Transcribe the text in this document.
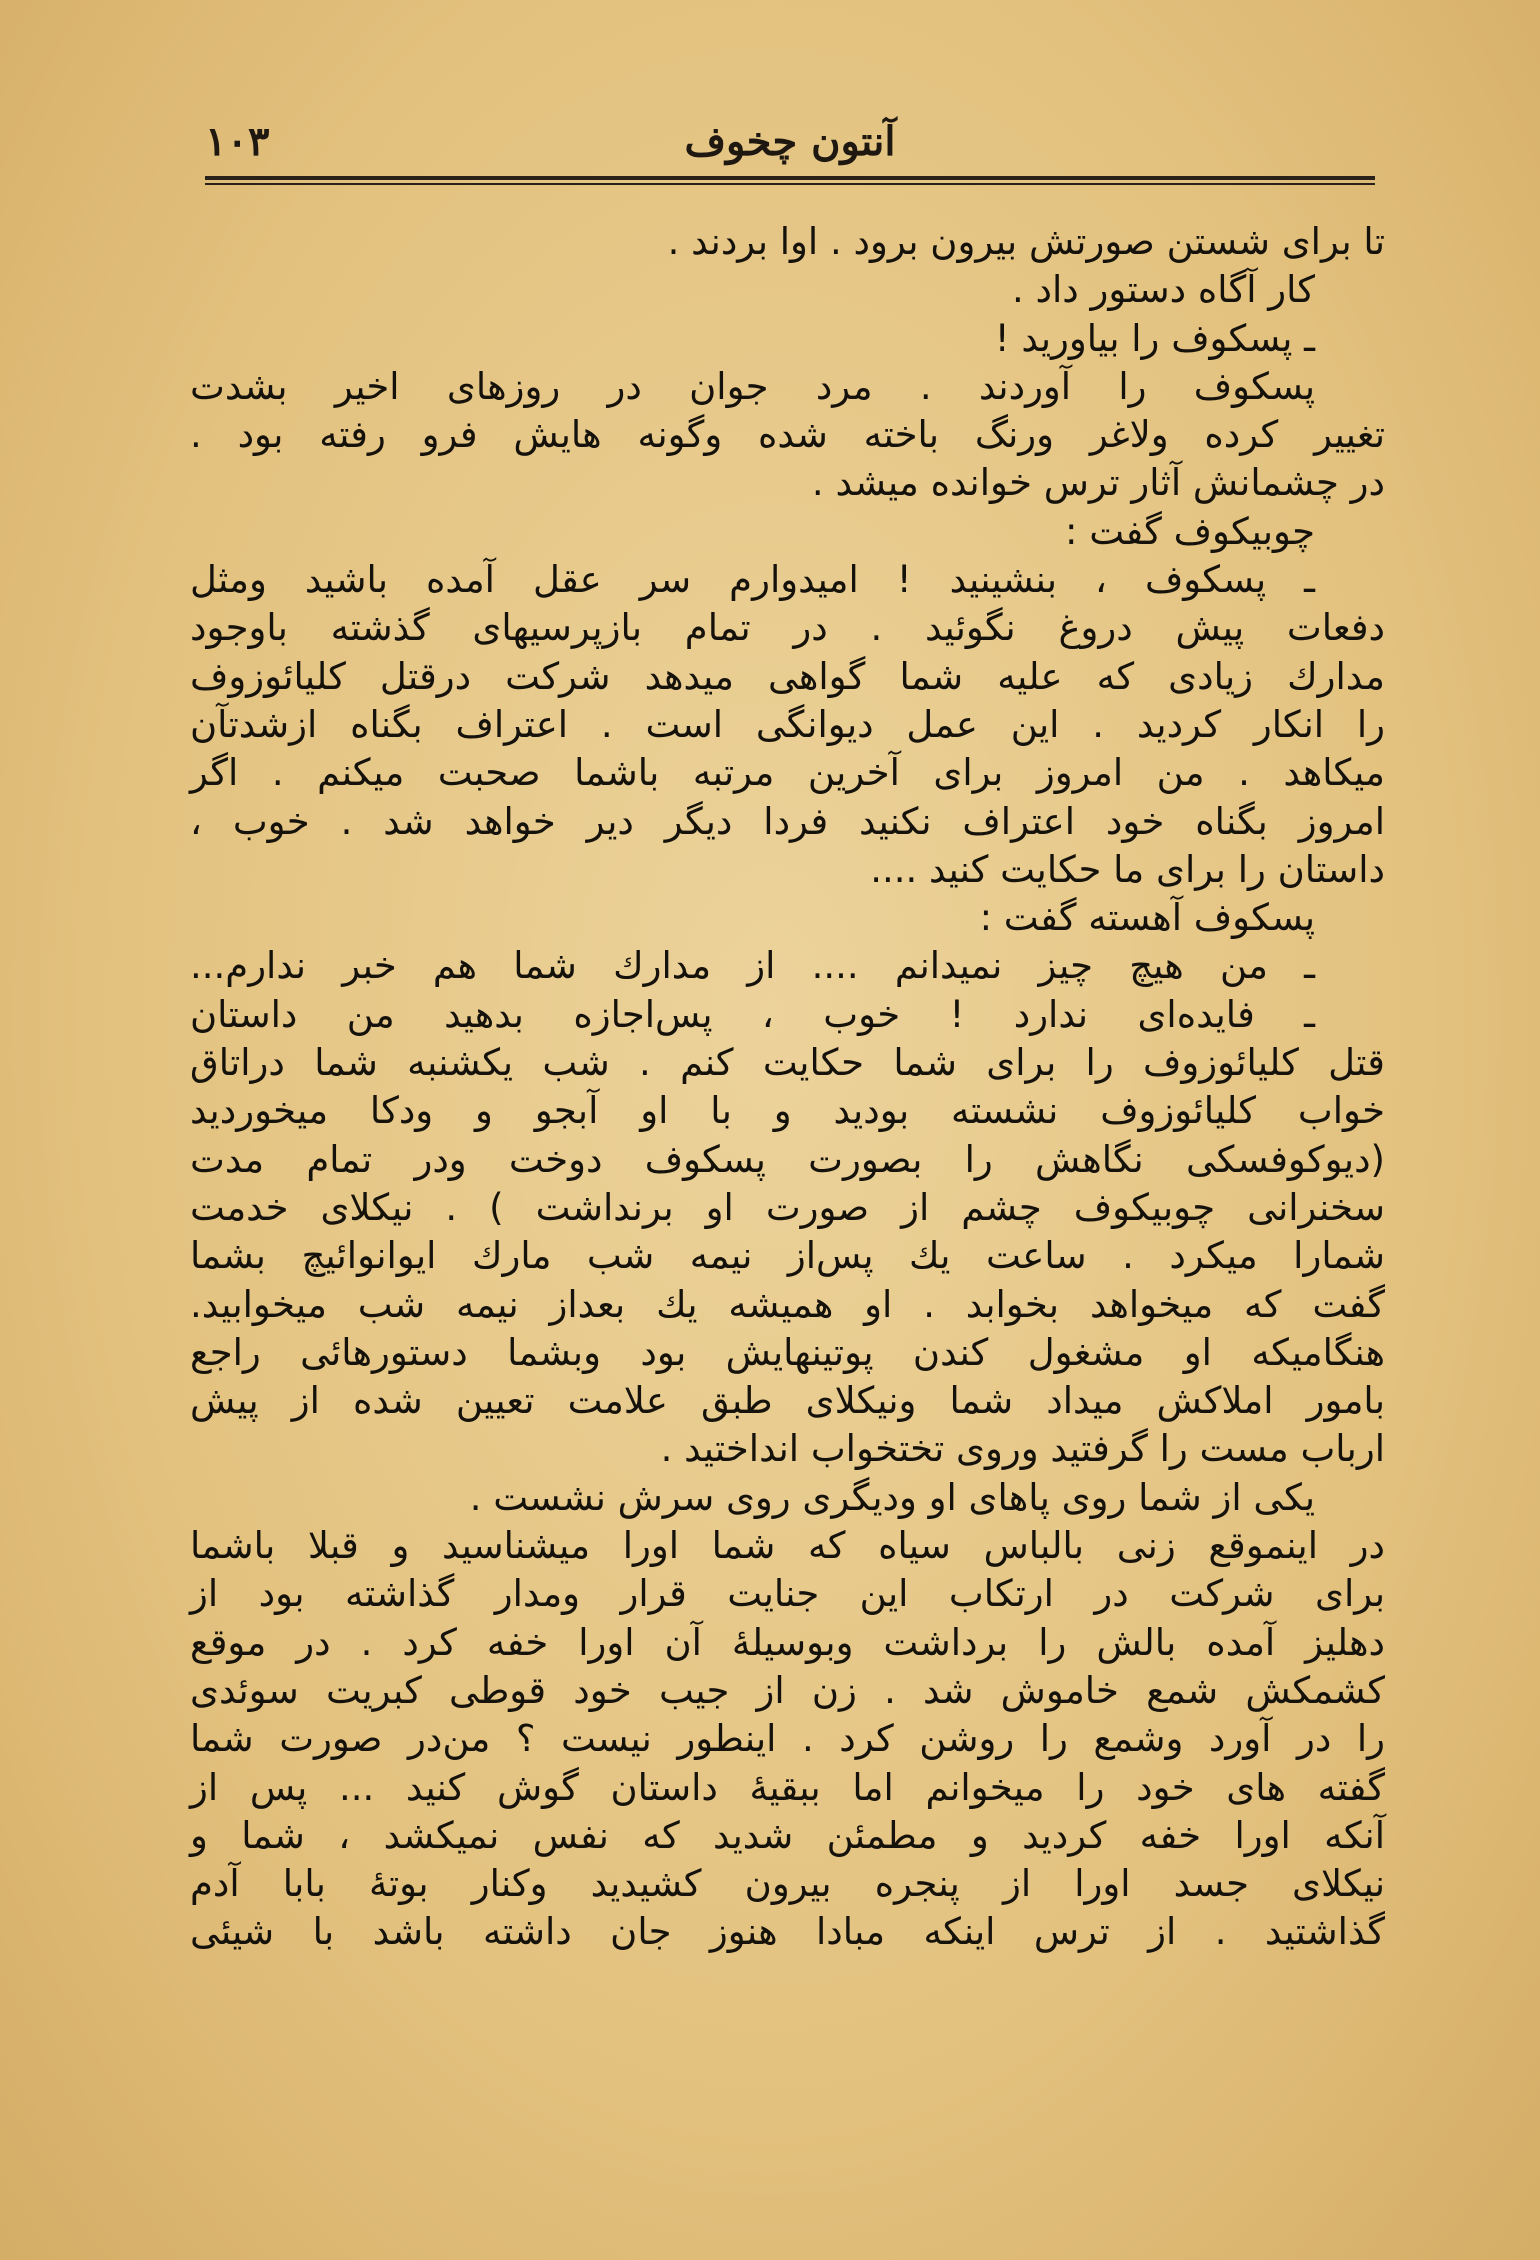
۱۰۳	آنتون چخوف
تا برای شستن صورتش بیرون برود . اوا بردند .
کار آگاه دستور داد .
ـ پسکوف را بیاورید !
پسکوف را آوردند . مرد جوان در روزهای اخیر بشدت
تغییر کرده ولاغر ورنگ باخته شده وگونه هایش فرو رفته بود .
در چشمانش آثار ترس خوانده میشد .
چوبیکوف گفت :
ـ پسکوف ، بنشینید ! امیدوارم سر عقل آمده باشید ومثل
دفعات پیش دروغ نگوئید . در تمام بازپرسیهای گذشته باوجود
مدارك زیادی که علیه شما گواهی میدهد شرکت درقتل کلیائوزوف
را انکار کردید . این عمل دیوانگی است . اعتراف بگناه ازشدتآن
میکاهد . من امروز برای آخرین مرتبه باشما صحبت میکنم . اگر
امروز بگناه خود اعتراف نکنید فردا دیگر دیر خواهد شد . خوب ،
داستان را برای ما حکایت کنید ....
پسکوف آهسته گفت :
ـ من هیچ چیز نمیدانم .... از مدارك شما هم خبر ندارم...
ـ فایده‌ای ندارد ! خوب ، پس‌اجازه بدهید من داستان
قتل کلیائوزوف را برای شما حکایت کنم . شب یکشنبه شما دراتاق
خواب کلیائوزوف نشسته بودید و با او آبجو و ودکا میخوردید
(دیوکوفسکی نگاهش را بصورت پسکوف دوخت ودر تمام مدت
سخنرانی چوبیکوف چشم از صورت او برنداشت ) . نیکلای خدمت
شمارا میکرد . ساعت یك پس‌از نیمه شب مارك ایوانوائیچ بشما
گفت که میخواهد بخوابد . او همیشه یك بعداز نیمه شب میخوابید.
هنگامیکه او مشغول کندن پوتینهایش بود وبشما دستورهائی راجع
بامور املاکش میداد شما ونیکلای طبق علامت تعیین شده از پیش
ارباب مست را گرفتید وروی تختخواب انداختید .
یکی از شما روی پاهای او ودیگری روی سرش نشست .
در اینموقع زنی بالباس سیاه که شما اورا میشناسید و قبلا باشما
برای شرکت در ارتکاب این جنایت قرار ومدار گذاشته بود از
دهلیز آمده بالش را برداشت وبوسیلهٔ آن اورا خفه کرد . در موقع
کشمکش شمع خاموش شد . زن از جیب خود قوطی کبریت سوئدی
را در آورد وشمع را روشن کرد . اینطور نیست ؟ من‌در صورت شما
گفته های خود را میخوانم اما ببقیهٔ داستان گوش کنید ... پس از
آنکه اورا خفه کردید و مطمئن شدید که نفس نمیکشد ، شما و
نیکلای جسد اورا از پنجره بیرون کشیدید وکنار بوتهٔ بابا آدم
گذاشتید . از ترس اینکه مبادا هنوز جان داشته باشد با شیئی
